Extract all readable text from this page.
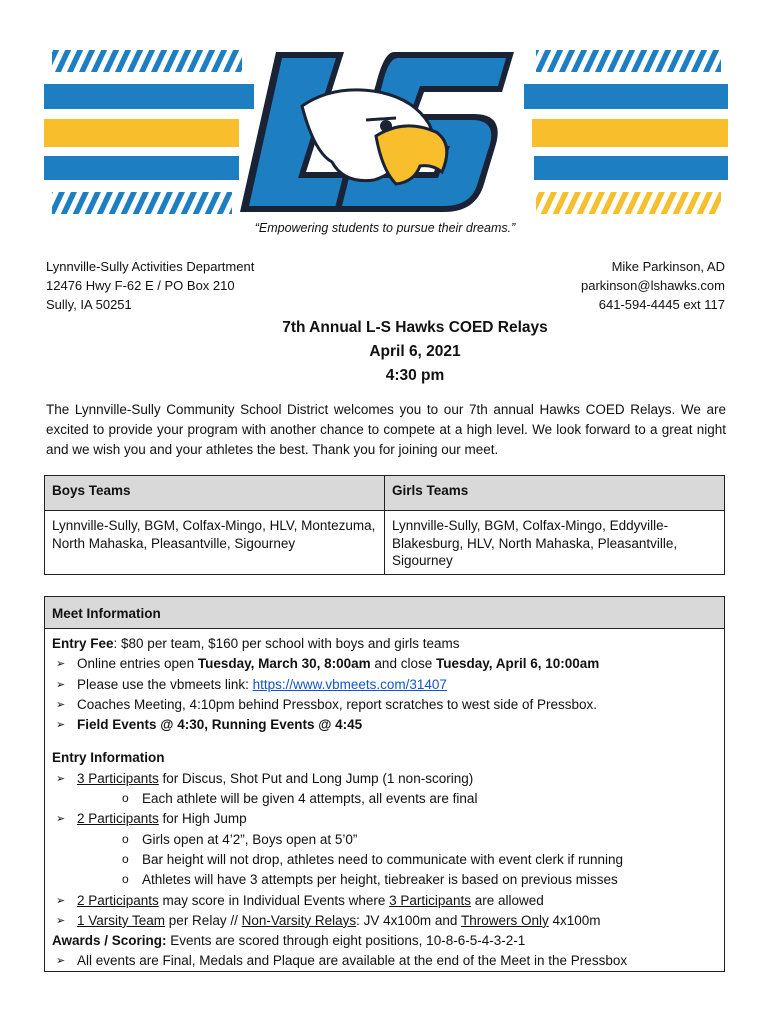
“Empowering students to pursue their dreams.”
Lynnville-Sully Activities Department
12476 Hwy F-62 E / PO Box 210
Sully, IA 50251
Mike Parkinson, AD
parkinson@lshawks.com
641-594-4445 ext 117
7th Annual L-S Hawks COED Relays
April 6, 2021
4:30 pm
The Lynnville-Sully Community School District welcomes you to our 7th annual Hawks COED Relays. We are excited to provide your program with another chance to compete at a high level. We look forward to a great night and we wish you and your athletes the best. Thank you for joining our meet.
Boys Teams	Girls Teams
Lynnville-Sully, BGM, Colfax-Mingo, HLV, Montezuma, North Mahaska, Pleasantville, Sigourney	Lynnville-Sully, BGM, Colfax-Mingo, Eddyville-Blakesburg, HLV, North Mahaska, Pleasantville, Sigourney
Meet Information
Entry Fee: $80 per team, $160 per school with boys and girls teams
➢ Online entries open Tuesday, March 30, 8:00am and close Tuesday, April 6, 10:00am
➢ Please use the vbmeets link: https://www.vbmeets.com/31407
➢ Coaches Meeting, 4:10pm behind Pressbox, report scratches to west side of Pressbox.
➢ Field Events @ 4:30, Running Events @ 4:45
Entry Information
➢ 3 Participants for Discus, Shot Put and Long Jump (1 non-scoring)
o Each athlete will be given 4 attempts, all events are final
➢ 2 Participants for High Jump
o Girls open at 4’2”, Boys open at 5’0”
o Bar height will not drop, athletes need to communicate with event clerk if running
o Athletes will have 3 attempts per height, tiebreaker is based on previous misses
➢ 2 Participants may score in Individual Events where 3 Participants are allowed
➢ 1 Varsity Team per Relay // Non-Varsity Relays: JV 4x100m and Throwers Only 4x100m
Awards / Scoring: Events are scored through eight positions, 10-8-6-5-4-3-2-1
➢ All events are Final, Medals and Plaque are available at the end of the Meet in the Pressbox
